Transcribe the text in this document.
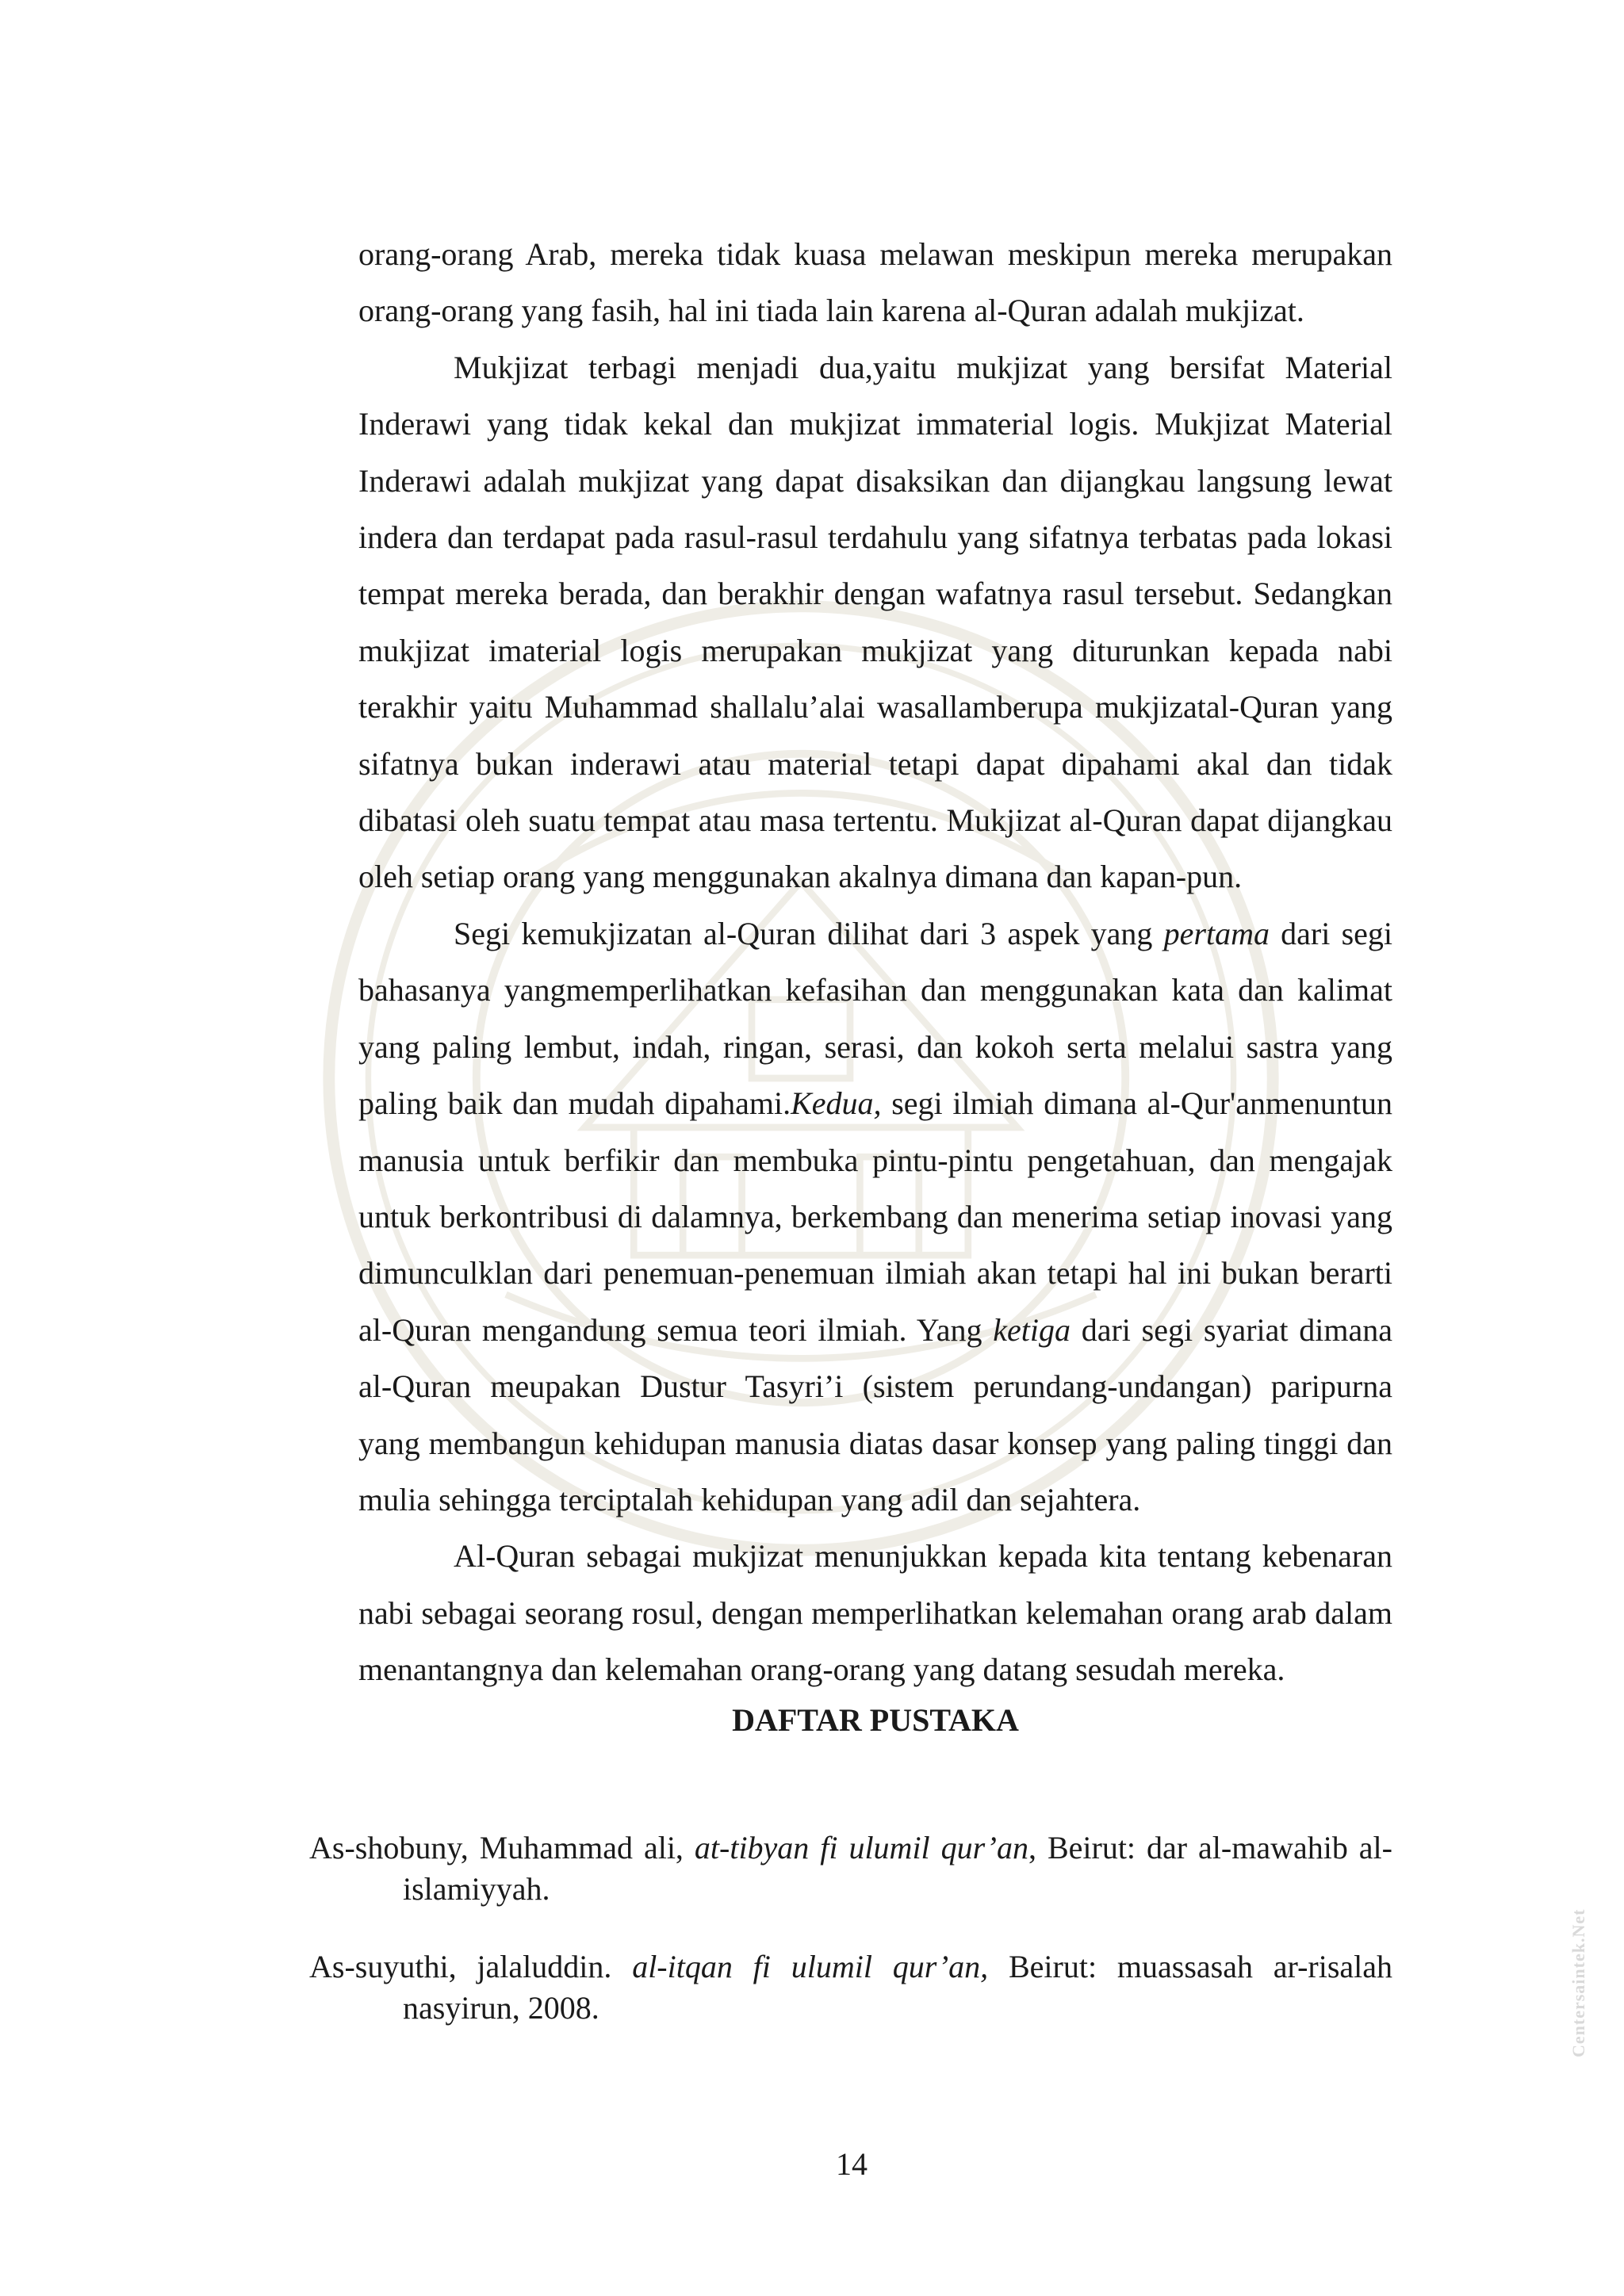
orang-orang Arab, mereka tidak kuasa melawan meskipun mereka merupakan orang-orang yang fasih, hal ini tiada lain karena al-Quran adalah mukjizat.

Mukjizat terbagi menjadi dua,yaitu mukjizat yang bersifat Material Inderawi yang tidak kekal dan mukjizat immaterial logis. Mukjizat Material Inderawi adalah mukjizat yang dapat disaksikan dan dijangkau langsung lewat indera dan terdapat pada rasul-rasul terdahulu yang sifatnya terbatas pada lokasi tempat mereka berada, dan berakhir dengan wafatnya rasul tersebut. Sedangkan mukjizat imaterial logis merupakan mukjizat yang diturunkan kepada nabi terakhir yaitu Muhammad shallalu’alai wasallamberupa mukjizatal-Quran yang sifatnya bukan inderawi atau material tetapi dapat dipahami akal dan tidak dibatasi oleh suatu tempat atau masa tertentu. Mukjizat al-Quran dapat dijangkau oleh setiap orang yang menggunakan akalnya dimana dan kapan-pun.

Segi kemukjizatan al-Quran dilihat dari 3 aspek yang pertama dari segi bahasanya yangmemperlihatkan kefasihan dan menggunakan kata dan kalimat yang paling lembut, indah, ringan, serasi, dan kokoh serta melalui sastra yang paling baik dan mudah dipahami.Kedua, segi ilmiah dimana al-Qur'anmenuntun manusia untuk berfikir dan membuka pintu-pintu pengetahuan, dan mengajak untuk berkontribusi di dalamnya, berkembang dan menerima setiap inovasi yang dimunculklan dari penemuan-penemuan ilmiah akan tetapi hal ini bukan berarti al-Quran mengandung semua teori ilmiah. Yang ketiga dari segi syariat dimana al-Quran meupakan Dustur Tasyri’i (sistem perundang-undangan) paripurna yang membangun kehidupan manusia diatas dasar konsep yang paling tinggi dan mulia sehingga terciptalah kehidupan yang adil dan sejahtera.

Al-Quran sebagai mukjizat menunjukkan kepada kita tentang kebenaran nabi sebagai seorang rosul, dengan memperlihatkan kelemahan orang arab dalam menantangnya dan kelemahan orang-orang yang datang sesudah mereka.

DAFTAR PUSTAKA

As-shobuny, Muhammad ali, at-tibyan fi ulumil qur’an, Beirut: dar al-mawahib al-islamiyyah.

As-suyuthi, jalaluddin. al-itqan fi ulumil qur’an, Beirut: muassasah ar-risalah nasyirun, 2008.

14
Centersaintek.Net
